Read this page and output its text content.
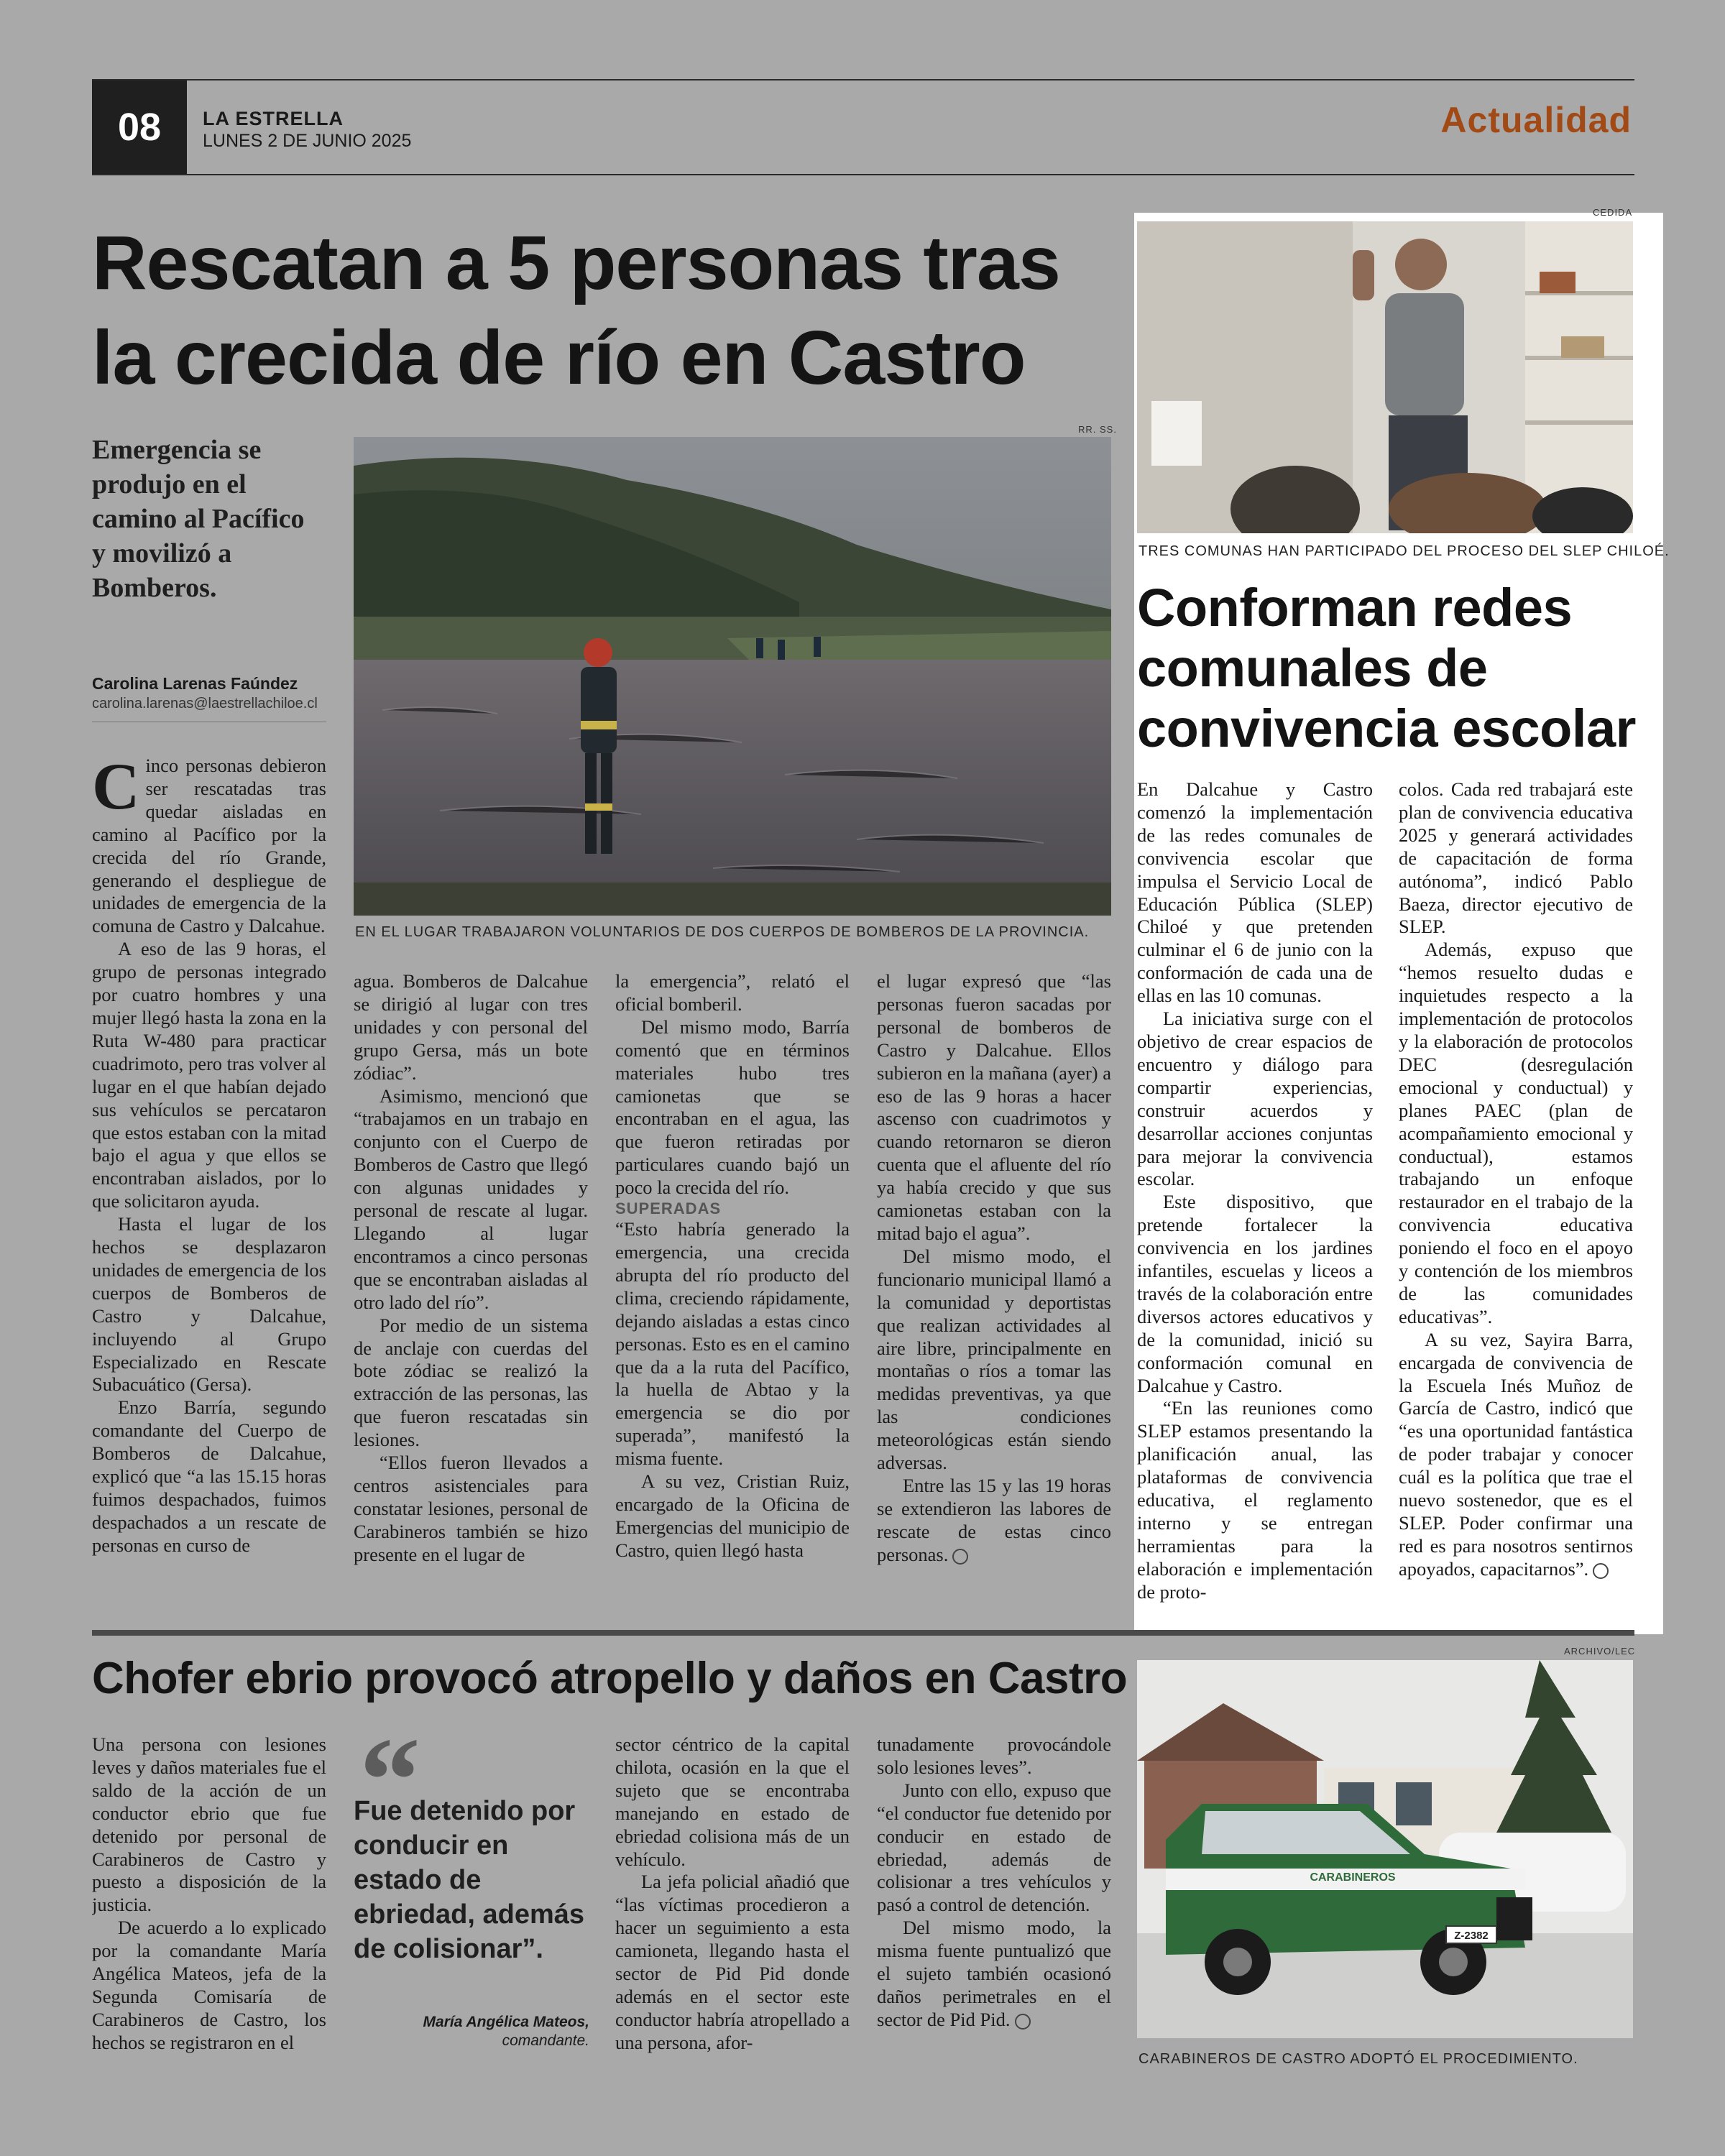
08	LA ESTRELLA
LUNES 2 DE JUNIO 2025
Actualidad
Rescatan a 5 personas tras la crecida de río en Castro
Emergencia se produjo en el camino al Pacífico y movilizó a Bomberos.
Carolina Larenas Faúndez
carolina.larenas@laestrellachiloe.cl
RR. SS.
EN EL LUGAR TRABAJARON VOLUNTARIOS DE DOS CUERPOS DE BOMBEROS DE LA PROVINCIA.

Cinco personas debieron ser rescatadas tras quedar aisladas en camino al Pacífico por la crecida del río Grande, generando el despliegue de unidades de emergencia de la comuna de Castro y Dalcahue.

A eso de las 9 horas, el grupo de personas integrado por cuatro hombres y una mujer llegó hasta la zona en la Ruta W-480 para practicar cuadrimoto, pero tras volver al lugar en el que habían dejado sus vehículos se percataron que estos estaban con la mitad bajo el agua y que ellos se encontraban aislados, por lo que solicitaron ayuda.

Hasta el lugar de los hechos se desplazaron unidades de emergencia de los cuerpos de Bomberos de Castro y Dalcahue, incluyendo al Grupo Especializado en Rescate Subacuático (Gersa).

Enzo Barría, segundo comandante del Cuerpo de Bomberos de Dalcahue, explicó que “a las 15.15 horas fuimos despachados, fuimos despachados a un rescate de personas en curso de

agua. Bomberos de Dalcahue se dirigió al lugar con tres unidades y con personal del grupo Gersa, más un bote zódiac”.

Asimismo, mencionó que “trabajamos en un trabajo en conjunto con el Cuerpo de Bomberos de Castro que llegó con algunas unidades y personal de rescate al lugar. Llegando al lugar encontramos a cinco personas que se encontraban aisladas al otro lado del río”.

Por medio de un sistema de anclaje con cuerdas del bote zódiac se realizó la extracción de las personas, las que fueron rescatadas sin lesiones.

“Ellos fueron llevados a centros asistenciales para constatar lesiones, personal de Carabineros también se hizo presente en el lugar de

la emergencia”, relató el oficial bomberil.

Del mismo modo, Barría comentó que en términos materiales hubo tres camionetas que se encontraban en el agua, las que fueron retiradas por particulares cuando bajó un poco la crecida del río.

SUPERADAS

“Esto habría generado la emergencia, una crecida abrupta del río producto del clima, creciendo rápidamente, dejando aisladas a estas cinco personas. Esto es en el camino que da a la ruta del Pacífico, la huella de Abtao y la emergencia se dio por superada”, manifestó la misma fuente.

A su vez, Cristian Ruiz, encargado de la Oficina de Emergencias del municipio de Castro, quien llegó hasta

el lugar expresó que “las personas fueron sacadas por personal de bomberos de Castro y Dalcahue. Ellos subieron en la mañana (ayer) a eso de las 9 horas a hacer ascenso con cuadrimotos y cuando retornaron se dieron cuenta que el afluente del río ya había crecido y que sus camionetas estaban con la mitad bajo el agua”.

Del mismo modo, el funcionario municipal llamó a la comunidad y deportistas que realizan actividades al aire libre, principalmente en montañas o ríos a tomar las medidas preventivas, ya que las condiciones meteorológicas están siendo adversas.

Entre las 15 y las 19 horas se extendieron las labores de rescate de estas cinco personas.

CEDIDA
TRES COMUNAS HAN PARTICIPADO DEL PROCESO DEL SLEP CHILOÉ.
Conforman redes comunales de convivencia escolar

En Dalcahue y Castro comenzó la implementación de las redes comunales de convivencia escolar que impulsa el Servicio Local de Educación Pública (SLEP) Chiloé y que pretenden culminar el 6 de junio con la conformación de cada una de ellas en las 10 comunas.

La iniciativa surge con el objetivo de crear espacios de encuentro y diálogo para compartir experiencias, construir acuerdos y desarrollar acciones conjuntas para mejorar la convivencia escolar.

Este dispositivo, que pretende fortalecer la convivencia en los jardines infantiles, escuelas y liceos a través de la colaboración entre diversos actores educativos y de la comunidad, inició su conformación comunal en Dalcahue y Castro.

“En las reuniones como SLEP estamos presentando la planificación anual, las plataformas de convivencia educativa, el reglamento interno y se entregan herramientas para la elaboración e implementación de proto-

colos. Cada red trabajará este plan de convivencia educativa 2025 y generará actividades de capacitación de forma autónoma”, indicó Pablo Baeza, director ejecutivo de SLEP.

Además, expuso que “hemos resuelto dudas e inquietudes respecto a la implementación de protocolos y la elaboración de protocolos DEC (desregulación emocional y conductual) y planes PAEC (plan de acompañamiento emocional y conductual), estamos trabajando un enfoque restaurador en el trabajo de la convivencia educativa poniendo el foco en el apoyo y contención de los miembros de las comunidades educativas”.

A su vez, Sayira Barra, encargada de convivencia de la Escuela Inés Muñoz de García de Castro, indicó que “es una oportunidad fantástica de poder trabajar y conocer cuál es la política que trae el nuevo sostenedor, que es el SLEP. Poder confirmar una red es para nosotros sentirnos apoyados, capacitarnos”.

Chofer ebrio provocó atropello y daños en Castro

Una persona con lesiones leves y daños materiales fue el saldo de la acción de un conductor ebrio que fue detenido por personal de Carabineros de Castro y puesto a disposición de la justicia.

De acuerdo a lo explicado por la comandante María Angélica Mateos, jefa de la Segunda Comisaría de Carabineros de Castro, los hechos se registraron en el

“
Fue detenido por conducir en estado de ebriedad, además de colisionar”.
María Angélica Mateos,
comandante.

sector céntrico de la capital chilota, ocasión en la que el sujeto que se encontraba manejando en estado de ebriedad colisiona más de un vehículo.

La jefa policial añadió que “las víctimas procedieron a hacer un seguimiento a esta camioneta, llegando hasta el sector de Pid Pid donde además en el sector este conductor habría atropellado a una persona, afor-

tunadamente provocándole solo lesiones leves”.

Junto con ello, expuso que “el conductor fue detenido por conducir en estado de ebriedad, además de colisionar a tres vehículos y pasó a control de detención.

Del mismo modo, la misma fuente puntualizó que el sujeto también ocasionó daños perimetrales en el sector de Pid Pid.

ARCHIVO/LEC
Z-2382
CARABINEROS
CARABINEROS DE CASTRO ADOPTÓ EL PROCEDIMIENTO.
